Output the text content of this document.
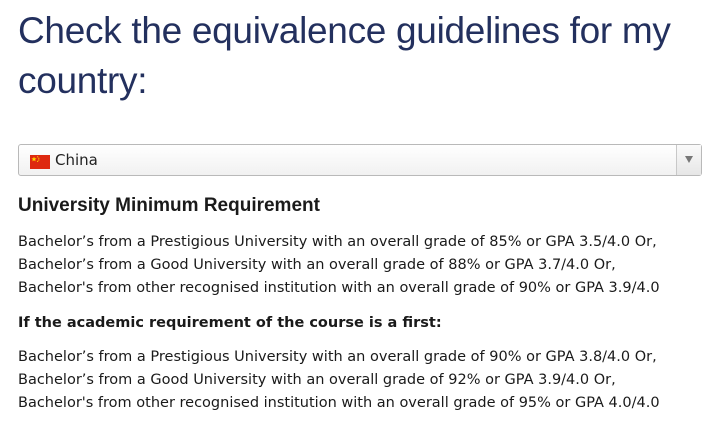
Check the equivalence guidelines for my country:
China
University Minimum Requirement
Bachelor’s from a Prestigious University with an overall grade of 85% or GPA 3.5/4.0 Or,
Bachelor’s from a Good University with an overall grade of 88% or GPA 3.7/4.0 Or,
Bachelor's from other recognised institution with an overall grade of 90% or GPA 3.9/4.0
If the academic requirement of the course is a first:
Bachelor’s from a Prestigious University with an overall grade of 90% or GPA 3.8/4.0 Or,
Bachelor’s from a Good University with an overall grade of 92% or GPA 3.9/4.0 Or,
Bachelor's from other recognised institution with an overall grade of 95% or GPA 4.0/4.0
